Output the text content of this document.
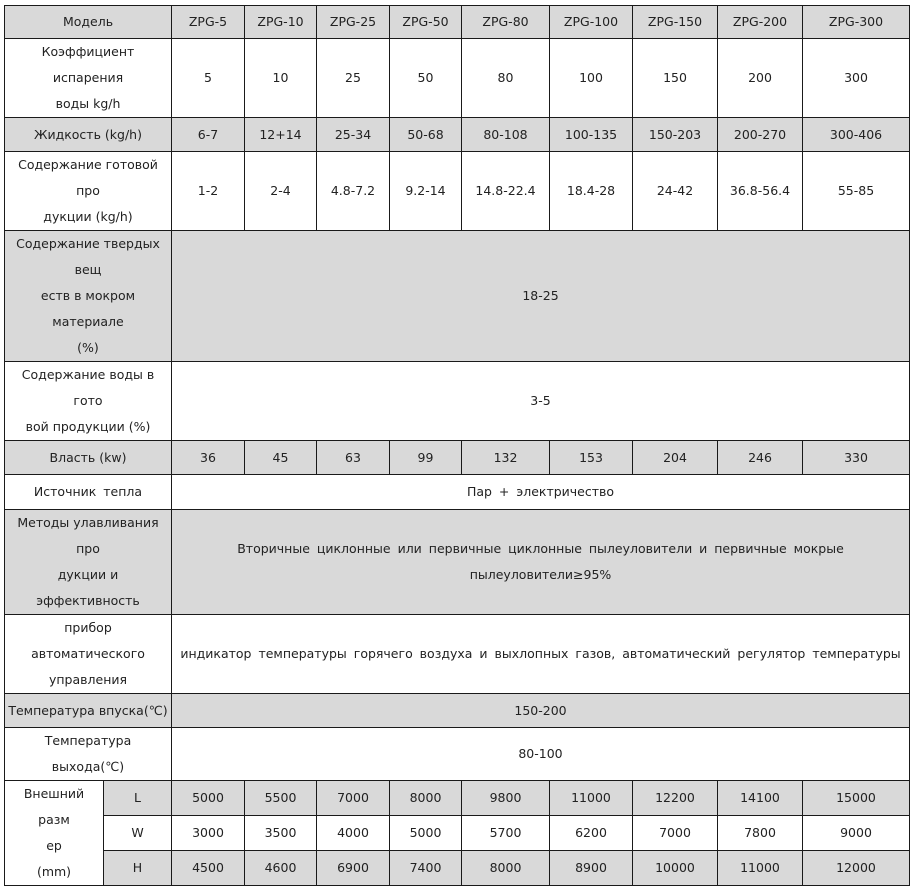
Модель		ZPG-5	ZPG-10	ZPG-25	ZPG-50	ZPG-80	ZPG-100	ZPG-150	ZPG-200	ZPG-300

Коэффициент испарения
воды kg/h		5	10	25	50	80	100	150	200	300
Жидкость (kg/h)		6-7	12+14	25-34	50-68	80-108	100-135	150-203	200-270	300-406

Содержание готовой про
дукции (kg/h)		1-2	2-4	4.8-7.2	9.2-14	14.8-22.4	18.4-28	24-42	36.8-56.4	55-85

Содержание твердых вещ
еств в мокром материале
(%)		18-25								

Содержание воды в гото
вой продукции (%)		3-5								
Власть (kw)		36	45	63	99	132	153	204	246	330
Источник тепла		Пар + электричество								

Методы улавливания про
дукции и эффективность		Вторичные циклонные или первичные циклонные пылеуловители и первичные мокрые пылеуловители≥95%								

прибор автоматического
управления		индикатор температуры горячего воздуха и выхлопных газов, автоматический регулятор температуры								
Температура впуска(℃)		150-200								
Температура выхода(℃)		80-100								

Внешний разм
ер
(mm)	L	5000	5500	7000	8000	9800	11000	12200	14100	15000
	W	3000	3500	4000	5000	5700	6200	7000	7800	9000
	H	4500	4600	6900	7400	8000	8900	10000	11000	12000
